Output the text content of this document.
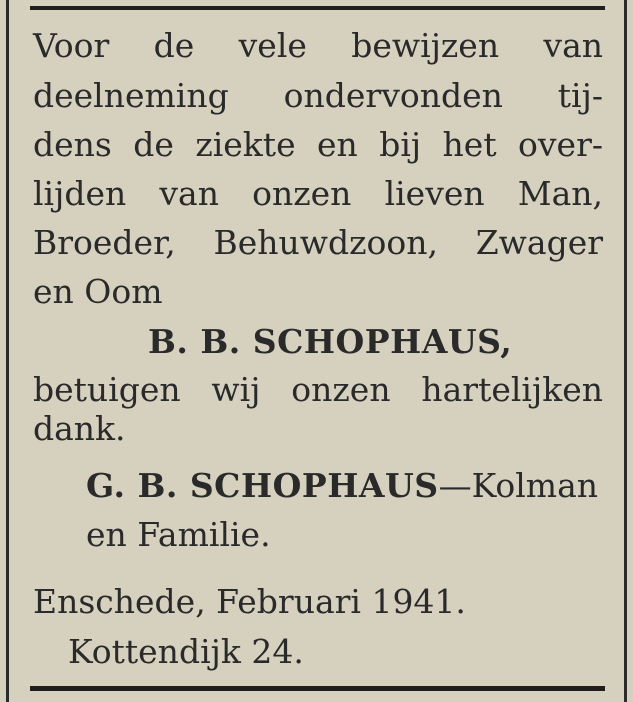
Voor de vele bewijzen van
deelneming ondervonden tij-
dens de ziekte en bij het over-
lijden van onzen lieven Man,
Broeder, Behuwdzoon, Zwager
en Oom
B. B. SCHOPHAUS,
betuigen wij onzen hartelijken
dank.
G. B. SCHOPHAUS—Kolman
en Familie.
Enschede, Februari 1941.
Kottendijk 24.
